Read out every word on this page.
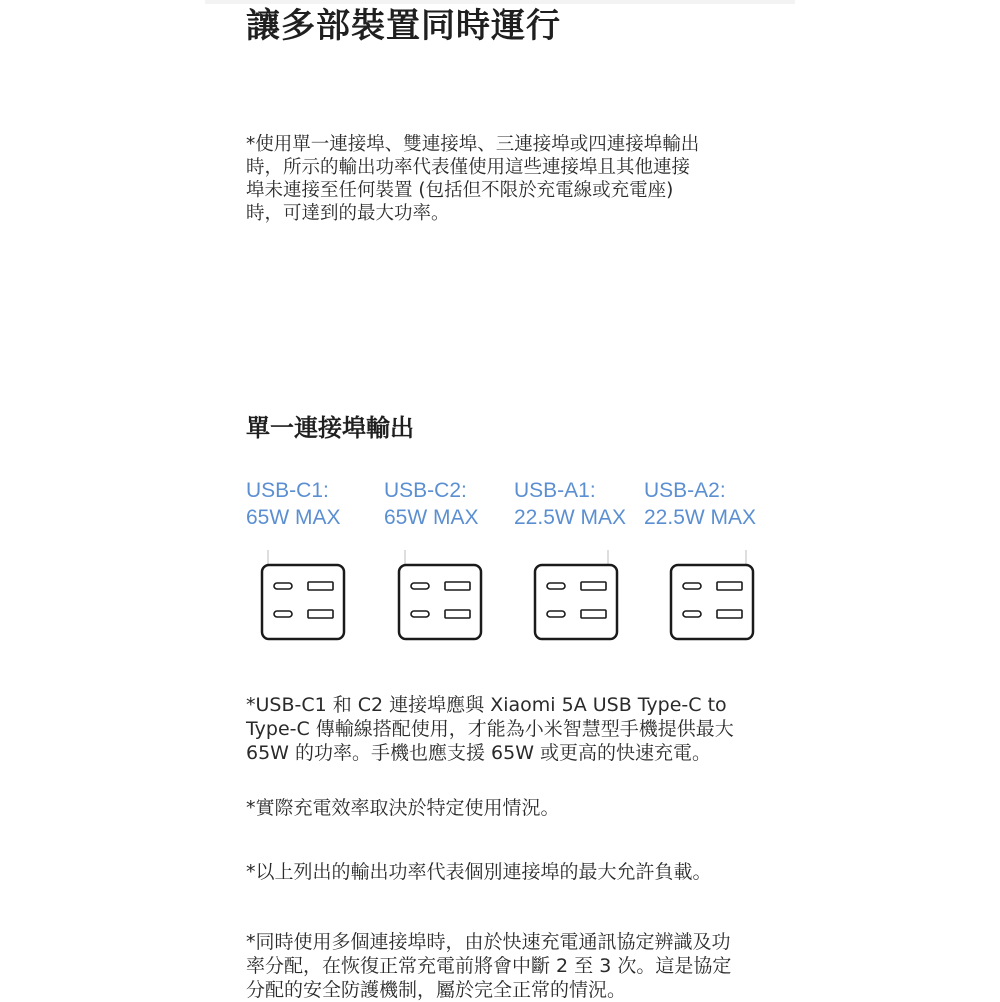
讓多部裝置同時運行

*使用單一連接埠、雙連接埠、三連接埠或四連接埠輸出
時，所示的輸出功率代表僅使用這些連接埠且其他連接
埠未連接至任何裝置 (包括但不限於充電線或充電座)
時，可達到的最大功率。

單一連接埠輸出
USB-C1:
65W MAX
USB-C2:
65W MAX
USB-A1:
22.5W MAX
USB-A2:
22.5W MAX

*USB-C1 和 C2 連接埠應與 Xiaomi 5A USB Type-C to
Type-C 傳輸線搭配使用，才能為小米智慧型手機提供最大
65W 的功率。手機也應支援 65W 或更高的快速充電。

*實際充電效率取決於特定使用情況。

*以上列出的輸出功率代表個別連接埠的最大允許負載。

*同時使用多個連接埠時，由於快速充電通訊協定辨識及功
率分配，在恢復正常充電前將會中斷 2 至 3 次。這是協定
分配的安全防護機制，屬於完全正常的情況。
